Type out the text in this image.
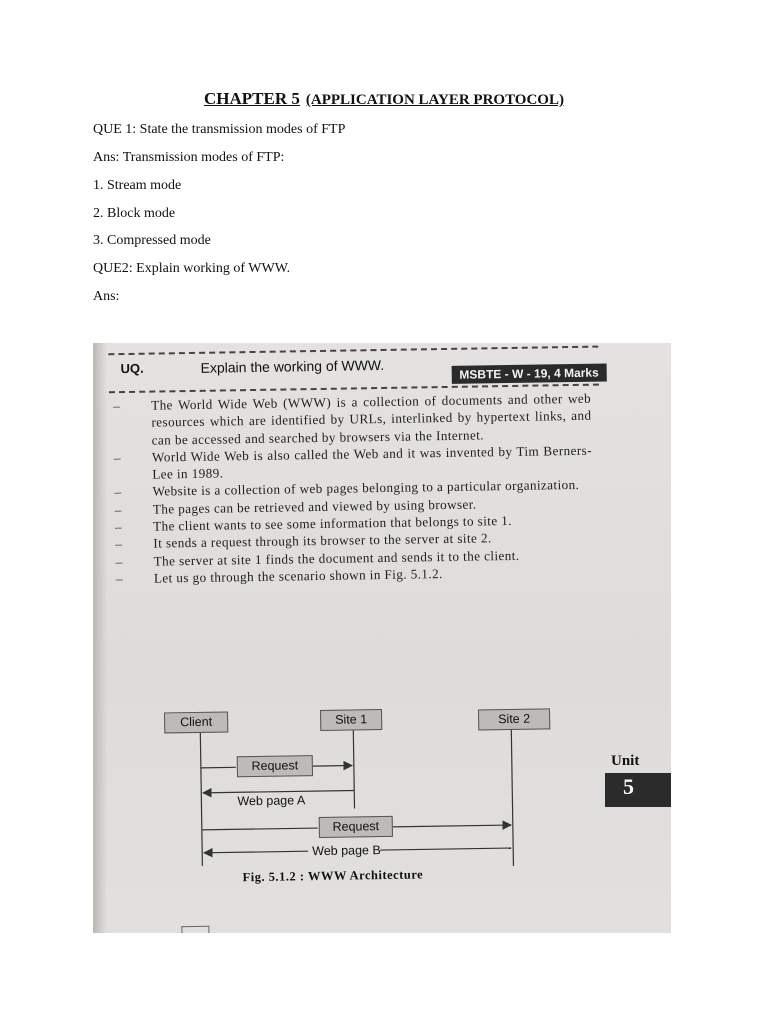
CHAPTER 5 (APPLICATION LAYER PROTOCOL)
QUE 1: State the transmission modes of FTP
Ans: Transmission modes of FTP:
1. Stream mode
2. Block mode
3. Compressed mode
QUE2: Explain working of WWW.
Ans:
UQ.	Explain the working of WWW.	MSBTE - W - 19, 4 Marks
– The World Wide Web (WWW) is a collection of documents and other web resources which are identified by URLs, interlinked by hypertext links, and can be accessed and searched by browsers via the Internet.
– World Wide Web is also called the Web and it was invented by Tim Berners-Lee in 1989.
– Website is a collection of web pages belonging to a particular organization.
– The pages can be retrieved and viewed by using browser.
– The client wants to see some information that belongs to site 1.
– It sends a request through its browser to the server at site 2.
– The server at site 1 finds the document and sends it to the client.
– Let us go through the scenario shown in Fig. 5.1.2.
Client	Site 1	Site 2
Request
Web page A
Request
Web page B
Fig. 5.1.2 : WWW Architecture
Unit
5
